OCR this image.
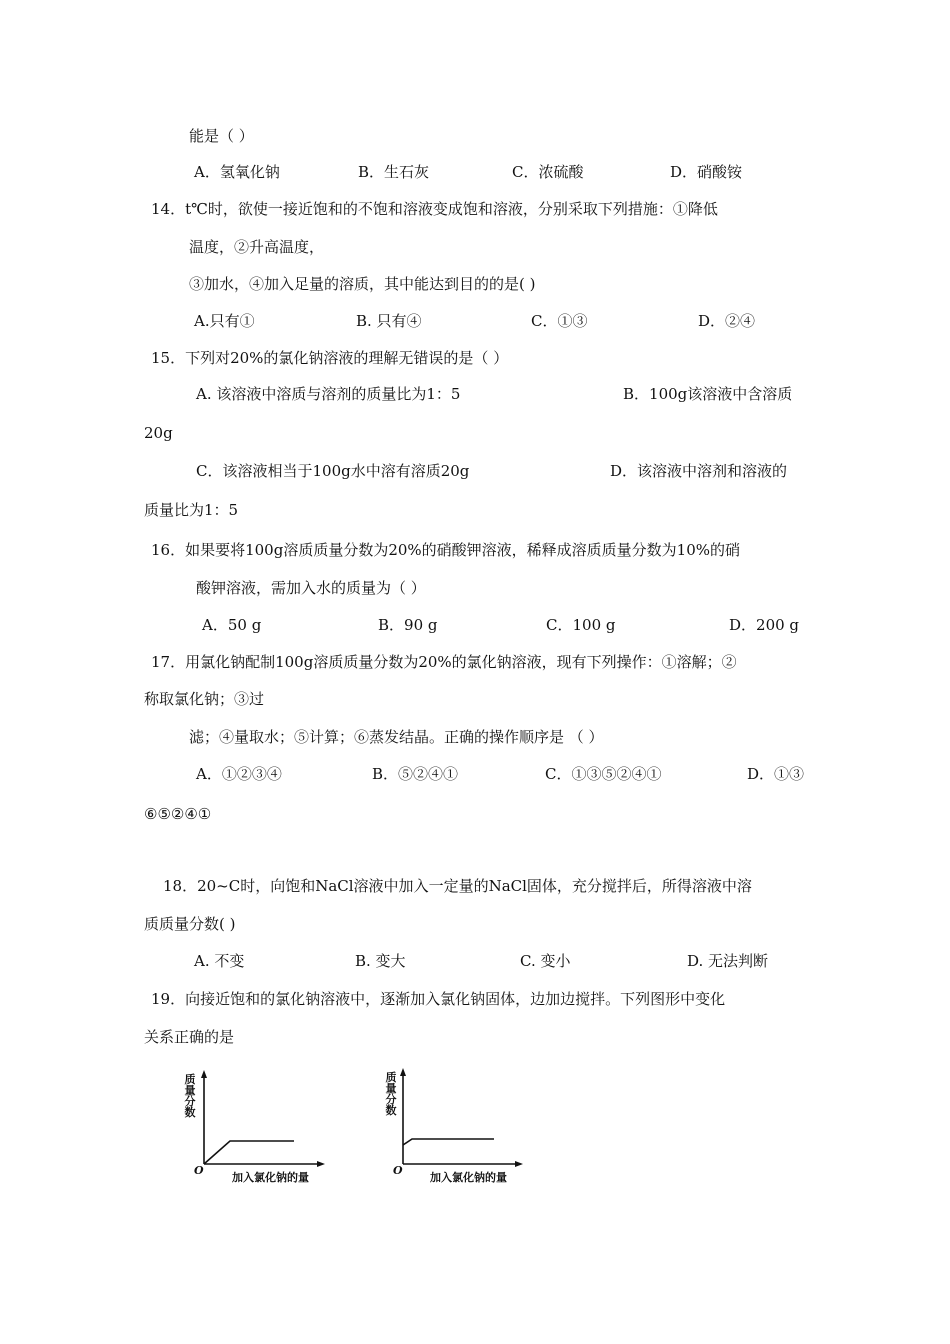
能是（ ）
A．氢氧化钠	B．生石灰	C．浓硫酸	D．硝酸铵
14．t℃时，欲使一接近饱和的不饱和溶液变成饱和溶液，分别采取下列措施：①降低
温度，②升高温度，
③加水，④加入足量的溶质，其中能达到目的的是( )
A.只有①	B. 只有④	C．①③	D．②④
15．下列对20%的氯化钠溶液的理解无错误的是（ ）
A. 该溶液中溶质与溶剂的质量比为1：5	B．100g该溶液中含溶质
20g
C．该溶液相当于100g水中溶有溶质20g	D．该溶液中溶剂和溶液的
质量比为1：5
16．如果要将100g溶质质量分数为20%的硝酸钾溶液，稀释成溶质质量分数为10%的硝
酸钾溶液，需加入水的质量为（ ）
A．50 g	B．90 g	C．100 g	D．200 g
17．用氯化钠配制100g溶质质量分数为20%的氯化钠溶液，现有下列操作：①溶解；②
称取氯化钠；③过
滤；④量取水；⑤计算；⑥蒸发结晶。正确的操作顺序是 （ ）
A．①②③④	B．⑤②④①	C．①③⑤②④①	D．①③
⑥⑤②④①
18．20~C时，向饱和NaCl溶液中加入一定量的NaCl固体，充分搅拌后，所得溶液中溶
质质量分数( )
A. 不变	B. 变大	C. 变小	D. 无法判断
19．向接近饱和的氯化钠溶液中，逐渐加入氯化钠固体，边加边搅拌。下列图形中变化
关系正确的是
质量分数
O
加入氯化钠的量
质量分数
O
加入氯化钠的量
